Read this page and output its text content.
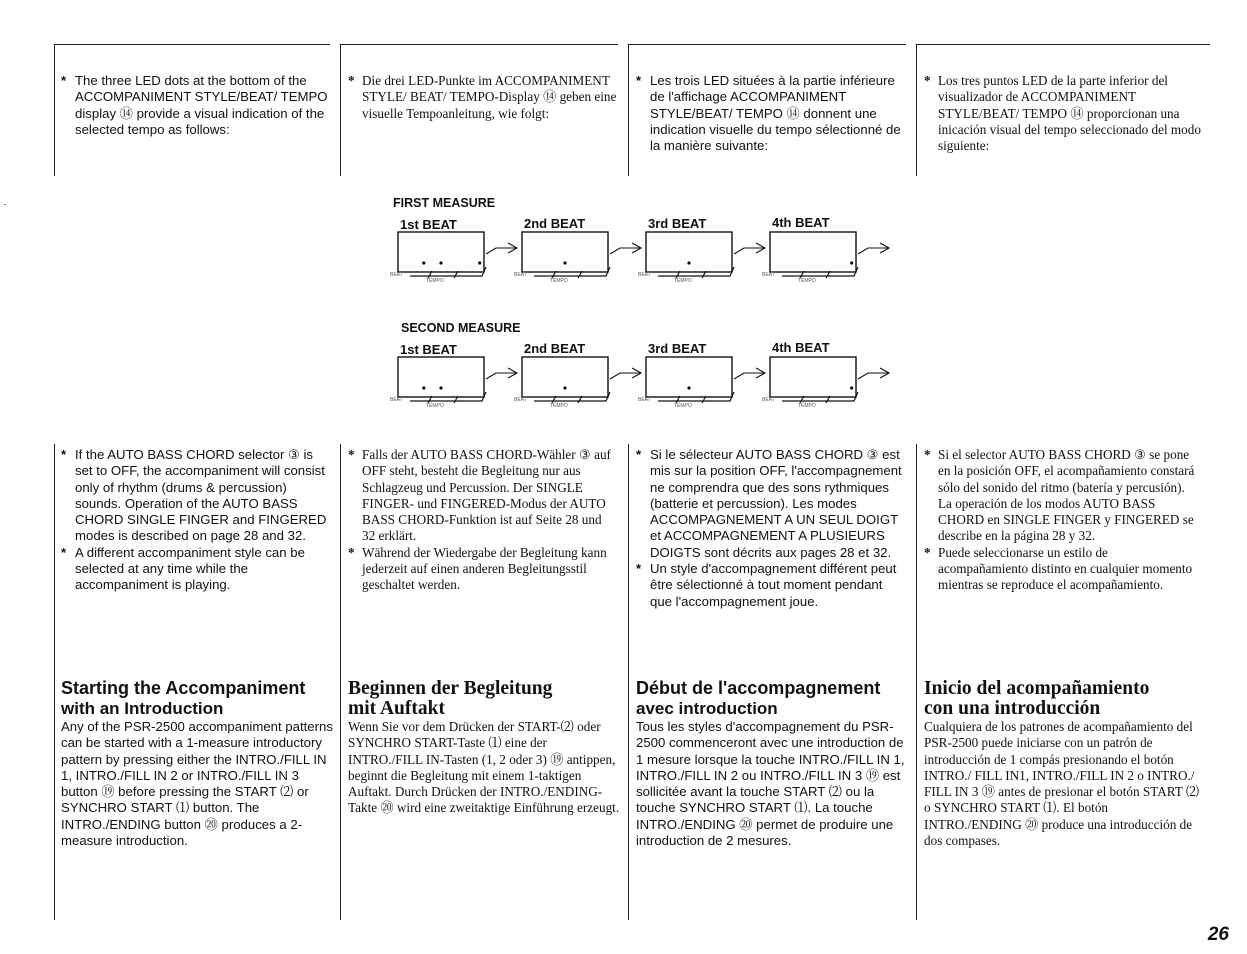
* The three LED dots at the bottom of the ACCOMPANIMENT STYLE/BEAT/ TEMPO display ⑭ provide a visual indication of the selected tempo as follows:
* Die drei LED-Punkte im ACCOMPANIMENT STYLE/ BEAT/ TEMPO-Display ⑭ geben eine visuelle Tempoanleitung, wie folgt:
* Les trois LED situées à la partie inférieure de l'affichage ACCOMPANIMENT STYLE/BEAT/ TEMPO ⑭ donnent une indication visuelle du tempo sélectionné de la manière suivante:
* Los tres puntos LED de la parte inferior del visualizador de ACCOMPANIMENT STYLE/BEAT/ TEMPO ⑭ proporcionan una inicación visual del tempo seleccionado del modo siguiente:
FIRST MEASURE
1st BEAT	2nd BEAT	3rd BEAT	4th BEAT
SECOND MEASURE
1st BEAT	2nd BEAT	3rd BEAT	4th BEAT
BEAT
TEMPO
BEAT
TEMPO
BEAT
TEMPO
BEAT
TEMPO
BEAT
TEMPO
BEAT
TEMPO
BEAT
TEMPO
BEAT
TEMPO
* If the AUTO BASS CHORD selector ③ is set to OFF, the accompaniment will consist only of rhythm (drums & percussion) sounds. Operation of the AUTO BASS CHORD SINGLE FINGER and FINGERED modes is described on page 28 and 32.
* A different accompaniment style can be selected at any time while the accompaniment is playing.
* Falls der AUTO BASS CHORD-Wähler ③ auf OFF steht, besteht die Begleitung nur aus Schlagzeug und Percussion. Der SINGLE FINGER- und FINGERED-Modus der AUTO BASS CHORD-Funktion ist auf Seite 28 und 32 erklärt.
* Während der Wiedergabe der Begleitung kann jederzeit auf einen anderen Begleitungsstil geschaltet werden.
* Si le sélecteur AUTO BASS CHORD ③ est mis sur la position OFF, l'accompagnement ne comprendra que des sons rythmiques (batterie et percussion). Les modes ACCOMPAGNEMENT A UN SEUL DOIGT et ACCOMPAGNEMENT A PLUSIEURS DOIGTS sont décrits aux pages 28 et 32.
* Un style d'accompagnement différent peut être sélectionné à tout moment pendant que l'accompagnement joue.
* Si el selector AUTO BASS CHORD ③ se pone en la posición OFF, el acompañamiento constará sólo del sonido del ritmo (batería y percusión). La operación de los modos AUTO BASS CHORD en SINGLE FINGER y FINGERED se describe en la página 28 y 32.
* Puede seleccionarse un estilo de acompañamiento distinto en cualquier momento mientras se reproduce el acompañamiento.
Starting the Accompaniment
with an Introduction

Any of the PSR-2500 accompaniment patterns can be started with a 1-measure introductory pattern by pressing either the INTRO./FILL IN 1, INTRO./FILL IN 2 or INTRO./FILL IN 3 button ⑲ before pressing the START ⑵ or SYNCHRO START ⑴ button. The INTRO./ENDING button ⑳ produces a 2-measure introduction.

Beginnen der Begleitung
mit Auftakt

Wenn Sie vor dem Drücken der START-⑵ oder SYNCHRO START-Taste ⑴ eine der INTRO./FILL IN-Tasten (1, 2 oder 3) ⑲ antippen, beginnt die Begleitung mit einem 1-taktigen Auftakt. Durch Drücken der INTRO./ENDING-Takte ⑳ wird eine zweitaktige Einführung erzeugt.

Début de l'accompagnement
avec introduction

Tous les styles d'accompagnement du PSR-2500 commenceront avec une introduction de 1 mesure lorsque la touche INTRO./FILL IN 1, INTRO./FILL IN 2 ou INTRO./FILL IN 3 ⑲ est sollicitée avant la touche START ⑵ ou la touche SYNCHRO START ⑴. La touche INTRO./ENDING ⑳ permet de produire une introduction de 2 mesures.

Inicio del acompañamiento
con una introducción

Cualquiera de los patrones de acompañamiento del PSR-2500 puede iniciarse con un patrón de introducción de 1 compás presionando el botón INTRO./ FILL IN1, INTRO./FILL IN 2 o INTRO./ FILL IN 3 ⑲ antes de presionar el botón START ⑵ o SYNCHRO START ⑴. El botón INTRO./ENDING ⑳ produce una introducción de dos compases.

26
